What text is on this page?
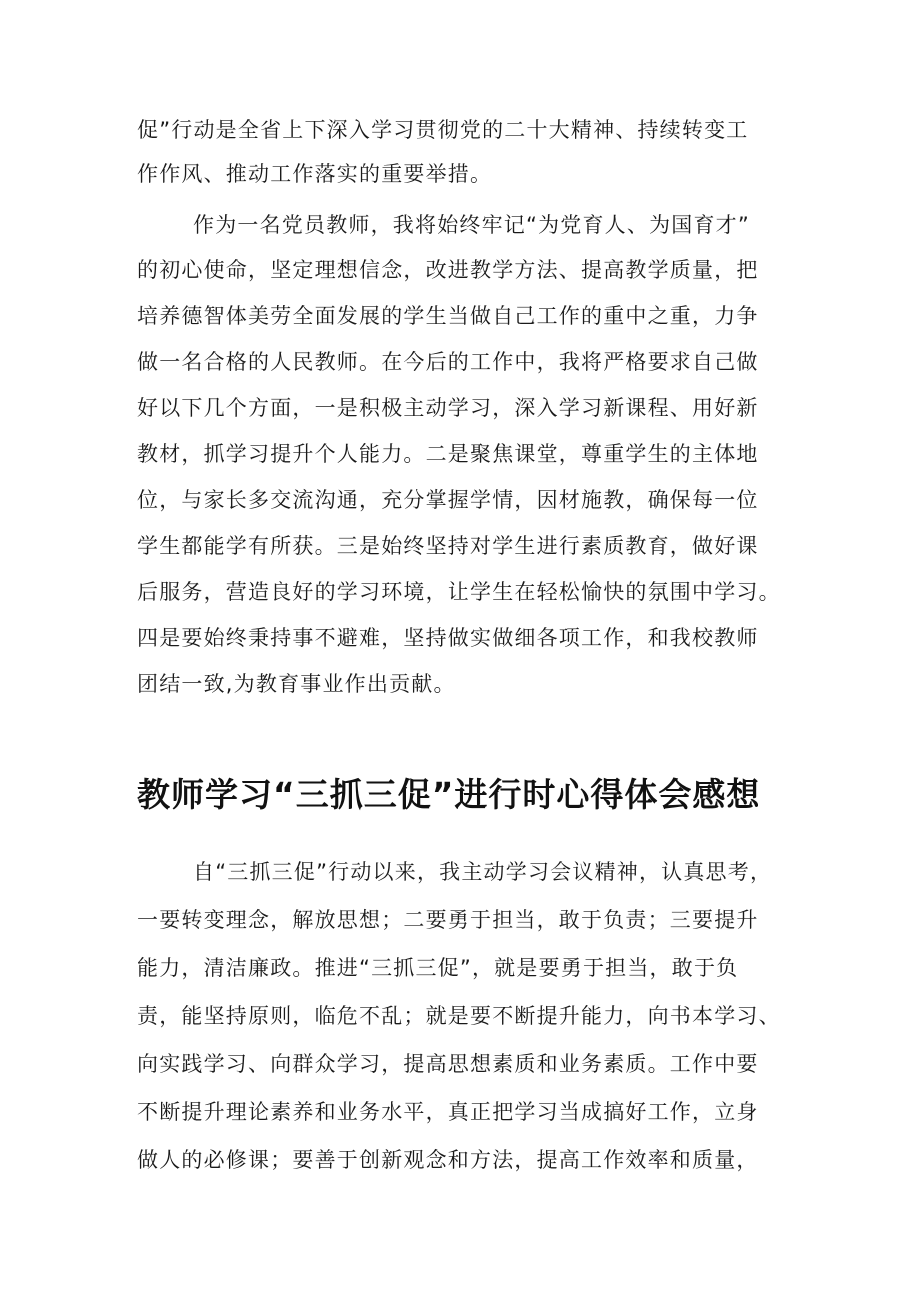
促”行动是全省上下深入学习贯彻党的二十大精神、持续转变工
作作风、推动工作落实的重要举措。
作为一名党员教师，我将始终牢记“为党育人、为国育才”
的初心使命，坚定理想信念，改进教学方法、提高教学质量，把
培养德智体美劳全面发展的学生当做自己工作的重中之重，力争
做一名合格的人民教师。在今后的工作中，我将严格要求自己做
好以下几个方面，一是积极主动学习，深入学习新课程、用好新
教材，抓学习提升个人能力。二是聚焦课堂，尊重学生的主体地
位，与家长多交流沟通，充分掌握学情，因材施教，确保每一位
学生都能学有所获。三是始终坚持对学生进行素质教育，做好课
后服务，营造良好的学习环境，让学生在轻松愉快的氛围中学习。
四是要始终秉持事不避难，坚持做实做细各项工作，和我校教师
团结一致,为教育事业作出贡献。
教师学习“三抓三促”进行时心得体会感想
自“三抓三促”行动以来，我主动学习会议精神，认真思考，
一要转变理念，解放思想；二要勇于担当，敢于负责；三要提升
能力，清洁廉政。推进“三抓三促”，就是要勇于担当，敢于负
责，能坚持原则，临危不乱；就是要不断提升能力，向书本学习、
向实践学习、向群众学习，提高思想素质和业务素质。工作中要
不断提升理论素养和业务水平，真正把学习当成搞好工作，立身
做人的必修课；要善于创新观念和方法，提高工作效率和质量，
